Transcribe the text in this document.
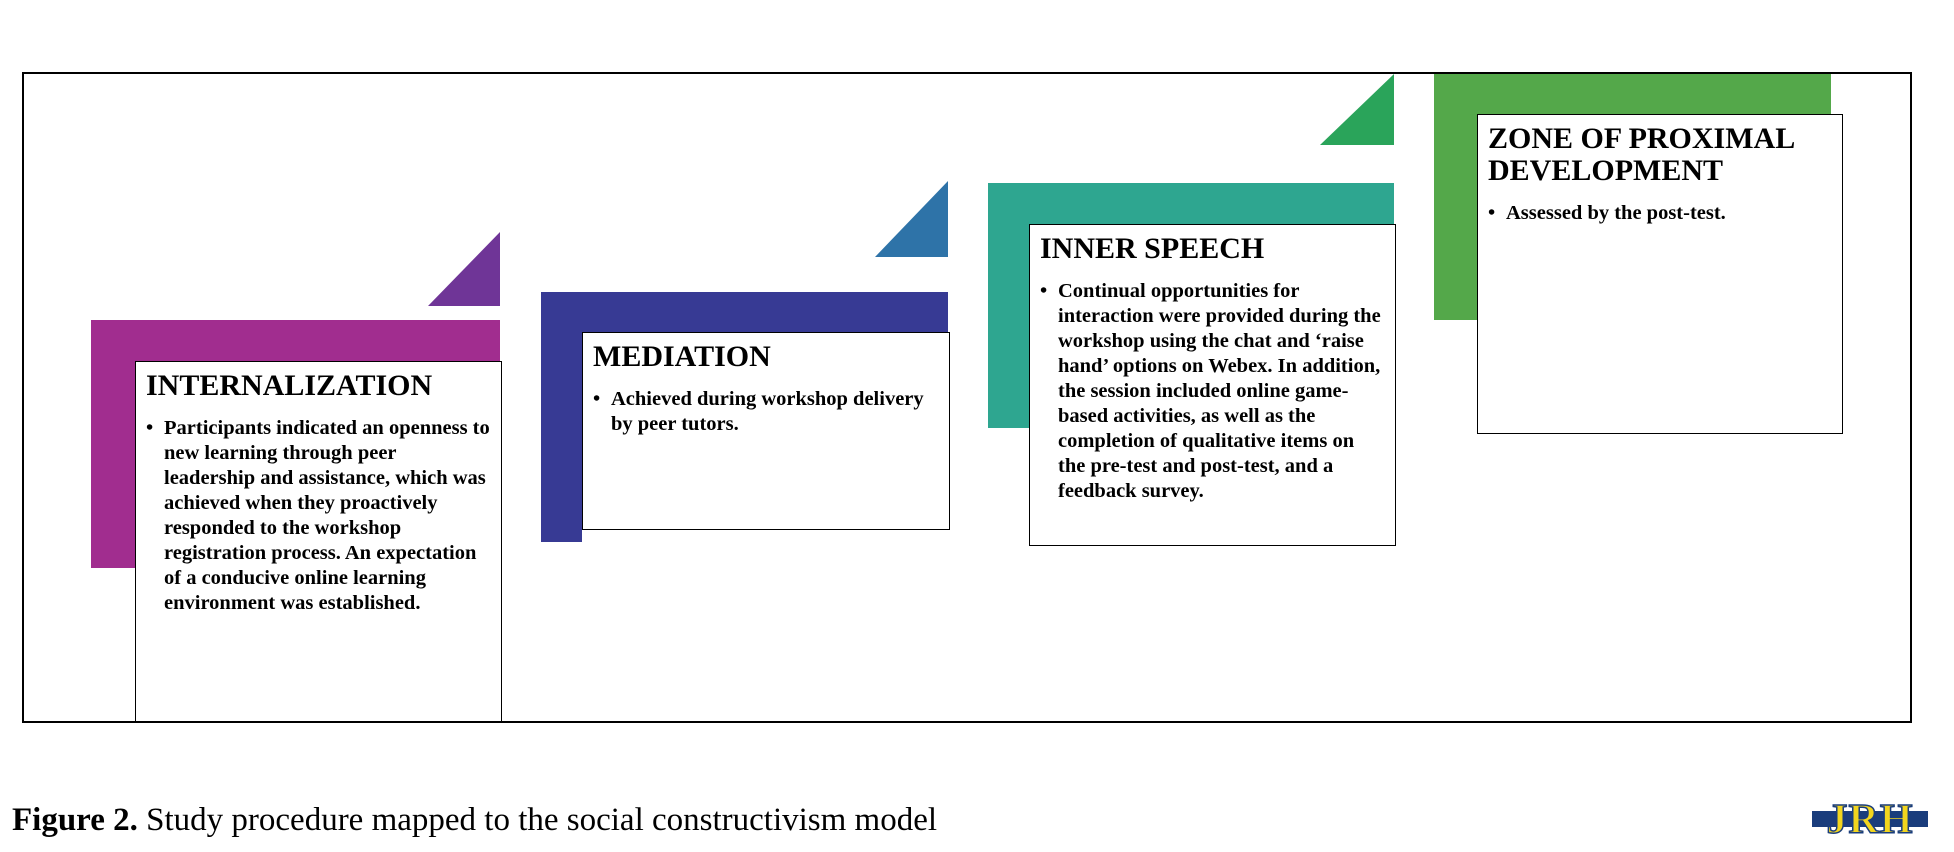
INTERNALIZATION
• Participants indicated an openness to new learning through peer leadership and assistance, which was achieved when they proactively responded to the workshop registration process. An expectation of a conducive online learning environment was established.
MEDIATION
• Achieved during workshop delivery by peer tutors.
INNER SPEECH
• Continual opportunities for interaction were provided during the workshop using the chat and ‘raise hand’ options on Webex. In addition, the session included online game-based activities, as well as the completion of qualitative items on the pre-test and post-test, and a feedback survey.
ZONE OF PROXIMAL DEVELOPMENT
• Assessed by the post-test.
Figure 2. Study procedure mapped to the social constructivism model	JRH
